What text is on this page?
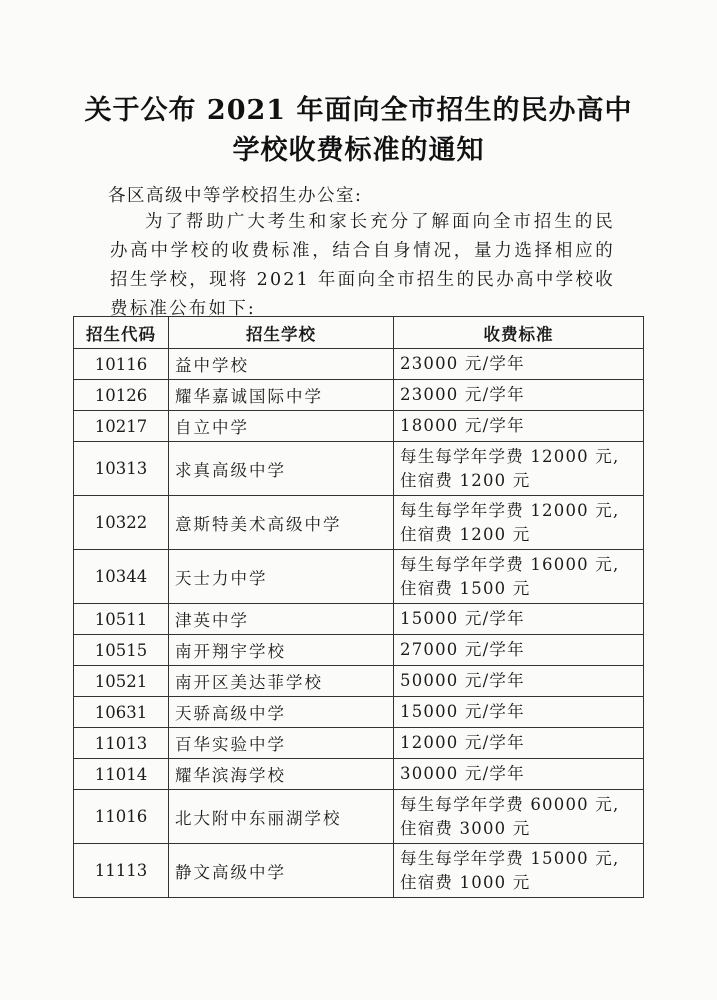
关于公布 2021 年面向全市招生的民办高中
学校收费标准的通知
各区高级中等学校招生办公室:
为了帮助广大考生和家长充分了解面向全市招生的民办高中学校的收费标准，结合自身情况，量力选择相应的招生学校，现将 2021 年面向全市招生的民办高中学校收费标准公布如下:
招生代码	招生学校	收费标准
10116	益中学校	23000 元/学年

10126	耀华嘉诚国际中学	23000 元/学年

10217	自立中学	18000 元/学年

10313	求真高级中学	每生每学年学费 12000 元,
住宿费 1200 元

10322	意斯特美术高级中学	每生每学年学费 12000 元,
住宿费 1200 元

10344	天士力中学	每生每学年学费 16000 元,
住宿费 1500 元

10511	津英中学	15000 元/学年

10515	南开翔宇学校	27000 元/学年

10521	南开区美达菲学校	50000 元/学年

10631	天骄高级中学	15000 元/学年

11013	百华实验中学	12000 元/学年

11014	耀华滨海学校	30000 元/学年

11016	北大附中东丽湖学校	每生每学年学费 60000 元,
住宿费 3000 元

11113	静文高级中学	每生每学年学费 15000 元,
住宿费 1000 元
